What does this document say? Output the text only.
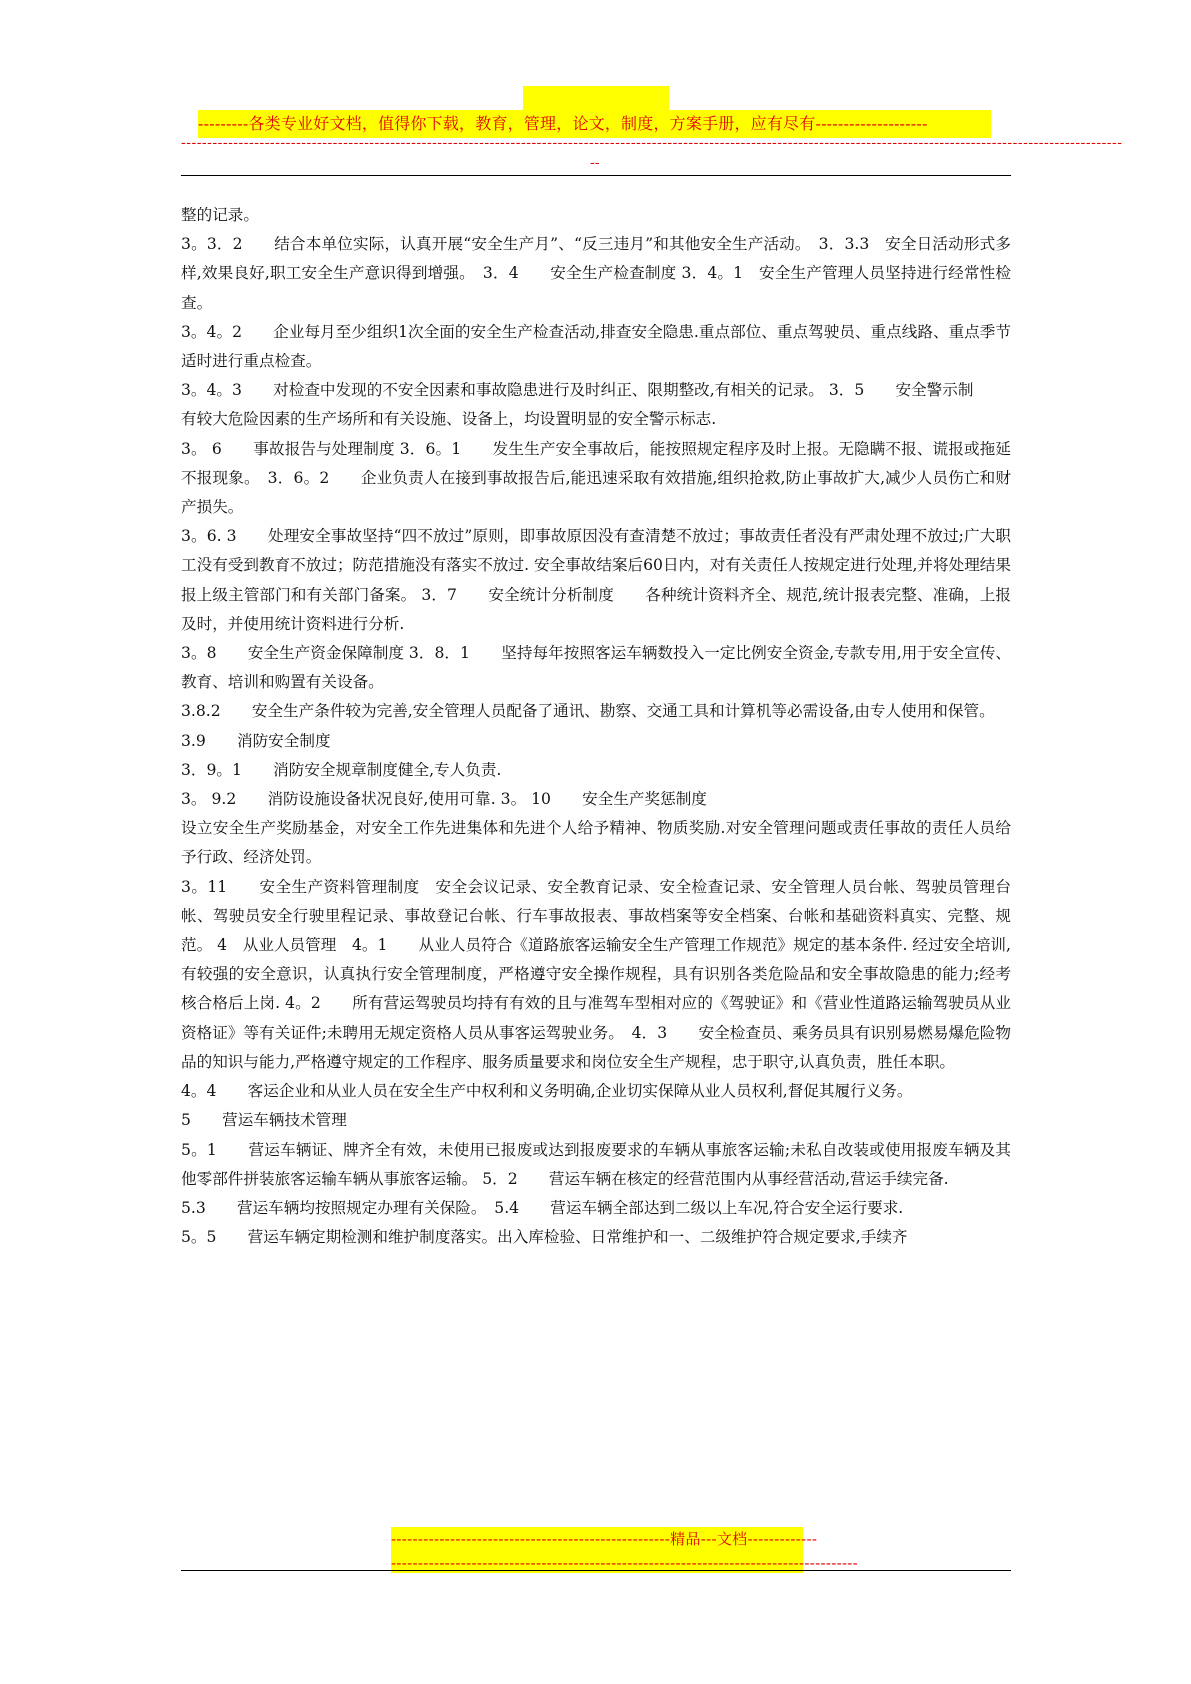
---------各类专业好文档，值得你下载，教育，管理，论文，制度，方案手册，应有尽有--------------------
------------------------------------------------------------------------------------------------------------------------------------------------------------------------------------
--

整的记录。

3。3．2　　结合本单位实际，认真开展“安全生产月”、“反三违月”和其他安全生产活动。　3．3.3　安全日活动形式多样,效果良好,职工安全生产意识得到增强。　3．4　　安全生产检查制度 3．4。1　安全生产管理人员坚持进行经常性检查。

3。4。2　　企业每月至少组织1次全面的安全生产检查活动,排查安全隐患.重点部位、重点驾驶员、重点线路、重点季节适时进行重点检查。

3。4。3　　对检查中发现的不安全因素和事故隐患进行及时纠正、限期整改,有相关的记录。 3．5　　安全警示制

有较大危险因素的生产场所和有关设施、设备上，均设置明显的安全警示标志.

3。 6　　事故报告与处理制度 3．6。1　　发生生产安全事故后，能按照规定程序及时上报。无隐瞒不报、谎报或拖延不报现象。　3．6。2　　企业负责人在接到事故报告后,能迅速采取有效措施,组织抢救,防止事故扩大,减少人员伤亡和财产损失。

3。6. 3　　处理安全事故坚持“四不放过”原则，即事故原因没有查清楚不放过；事故责任者没有严肃处理不放过;广大职工没有受到教育不放过；防范措施没有落实不放过. 安全事故结案后60日内，对有关责任人按规定进行处理,并将处理结果报上级主管部门和有关部门备案。 3．7　　安全统计分析制度　　各种统计资料齐全、规范,统计报表完整、准确，上报及时，并使用统计资料进行分析.

3。8　　安全生产资金保障制度 3．8．1　　坚持每年按照客运车辆数投入一定比例安全资金,专款专用,用于安全宣传、教育、培训和购置有关设备。

3.8.2　　安全生产条件较为完善,安全管理人员配备了通讯、勘察、交通工具和计算机等必需设备,由专人使用和保管。

3.9　　消防安全制度

3．9。1　　消防安全规章制度健全,专人负责.

3。 9.2　　消防设施设备状况良好,使用可靠. 3。 10　　安全生产奖惩制度

设立安全生产奖励基金，对安全工作先进集体和先进个人给予精神、物质奖励.对安全管理问题或责任事故的责任人员给予行政、经济处罚。

3。11　　安全生产资料管理制度　安全会议记录、安全教育记录、安全检查记录、安全管理人员台帐、驾驶员管理台帐、驾驶员安全行驶里程记录、事故登记台帐、行车事故报表、事故档案等安全档案、台帐和基础资料真实、完整、规范。 4　从业人员管理　4。1　　从业人员符合《道路旅客运输安全生产管理工作规范》规定的基本条件. 经过安全培训,有较强的安全意识，认真执行安全管理制度，严格遵守安全操作规程，具有识别各类危险品和安全事故隐患的能力;经考核合格后上岗. 4。2　　所有营运驾驶员均持有有效的且与准驾车型相对应的《驾驶证》和《营业性道路运输驾驶员从业资格证》等有关证件;未聘用无规定资格人员从事客运驾驶业务。　4．3　　安全检查员、乘务员具有识别易燃易爆危险物品的知识与能力,严格遵守规定的工作程序、服务质量要求和岗位安全生产规程，忠于职守,认真负责，胜任本职。

4。4　　客运企业和从业人员在安全生产中权利和义务明确,企业切实保障从业人员权利,督促其履行义务。

5　　营运车辆技术管理

5。1　　营运车辆证、牌齐全有效，未使用已报废或达到报废要求的车辆从事旅客运输;未私自改装或使用报废车辆及其他零部件拼装旅客运输车辆从事旅客运输。 5．2　　营运车辆在核定的经营范围内从事经营活动,营运手续完备.

5.3　　营运车辆均按照规定办理有关保险。　5.4　　营运车辆全部达到二级以上车况,符合安全运行要求.

5。5　　营运车辆定期检测和维护制度落实。出入库检验、日常维护和一、二级维护符合规定要求,手续齐

----------------------------------------------------精品---文档-------------
---------------------------------------------------------------------------------------
